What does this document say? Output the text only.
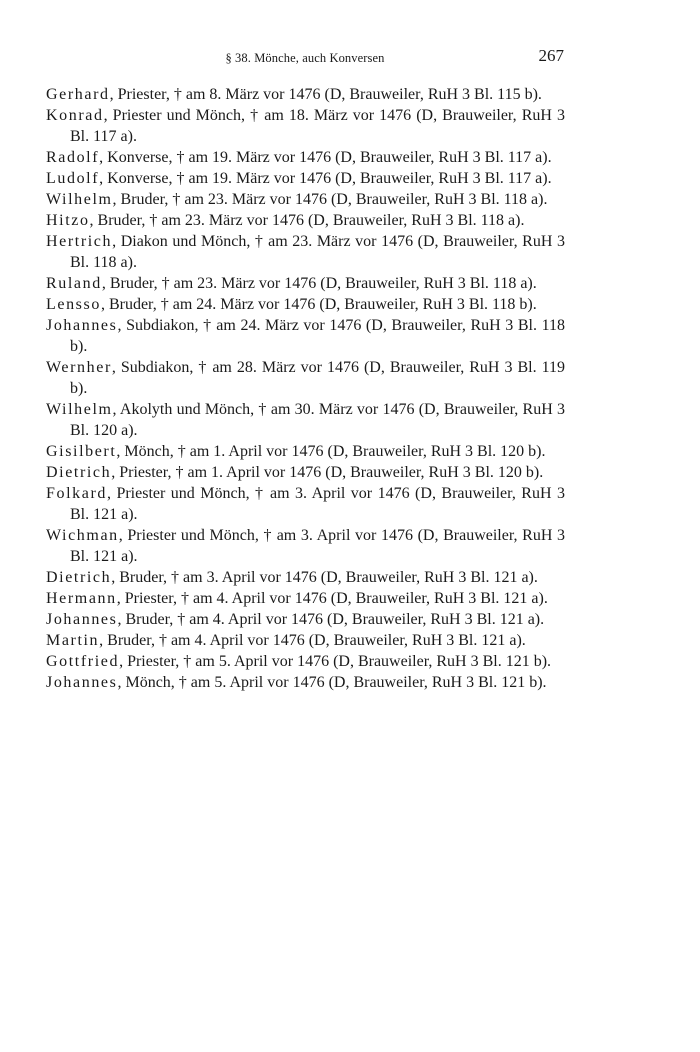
§ 38. Mönche, auch Konversen	267
Gerhard, Priester, † am 8. März vor 1476 (D, Brauweiler, RuH 3 Bl. 115 b).
Konrad, Priester und Mönch, † am 18. März vor 1476 (D, Brauweiler, RuH 3 Bl. 117 a).
Radolf, Konverse, † am 19. März vor 1476 (D, Brauweiler, RuH 3 Bl. 117 a).
Ludolf, Konverse, † am 19. März vor 1476 (D, Brauweiler, RuH 3 Bl. 117 a).
Wilhelm, Bruder, † am 23. März vor 1476 (D, Brauweiler, RuH 3 Bl. 118 a).
Hitzo, Bruder, † am 23. März vor 1476 (D, Brauweiler, RuH 3 Bl. 118 a).
Hertrich, Diakon und Mönch, † am 23. März vor 1476 (D, Brauweiler, RuH 3 Bl. 118 a).
Ruland, Bruder, † am 23. März vor 1476 (D, Brauweiler, RuH 3 Bl. 118 a).
Lensso, Bruder, † am 24. März vor 1476 (D, Brauweiler, RuH 3 Bl. 118 b).
Johannes, Subdiakon, † am 24. März vor 1476 (D, Brauweiler, RuH 3 Bl. 118 b).
Wernher, Subdiakon, † am 28. März vor 1476 (D, Brauweiler, RuH 3 Bl. 119 b).
Wilhelm, Akolyth und Mönch, † am 30. März vor 1476 (D, Brauweiler, RuH 3 Bl. 120 a).
Gisilbert, Mönch, † am 1. April vor 1476 (D, Brauweiler, RuH 3 Bl. 120 b).
Dietrich, Priester, † am 1. April vor 1476 (D, Brauweiler, RuH 3 Bl. 120 b).
Folkard, Priester und Mönch, † am 3. April vor 1476 (D, Brauweiler, RuH 3 Bl. 121 a).
Wichman, Priester und Mönch, † am 3. April vor 1476 (D, Brauweiler, RuH 3 Bl. 121 a).
Dietrich, Bruder, † am 3. April vor 1476 (D, Brauweiler, RuH 3 Bl. 121 a).
Hermann, Priester, † am 4. April vor 1476 (D, Brauweiler, RuH 3 Bl. 121 a).
Johannes, Bruder, † am 4. April vor 1476 (D, Brauweiler, RuH 3 Bl. 121 a).
Martin, Bruder, † am 4. April vor 1476 (D, Brauweiler, RuH 3 Bl. 121 a).
Gottfried, Priester, † am 5. April vor 1476 (D, Brauweiler, RuH 3 Bl. 121 b).
Johannes, Mönch, † am 5. April vor 1476 (D, Brauweiler, RuH 3 Bl. 121 b).
